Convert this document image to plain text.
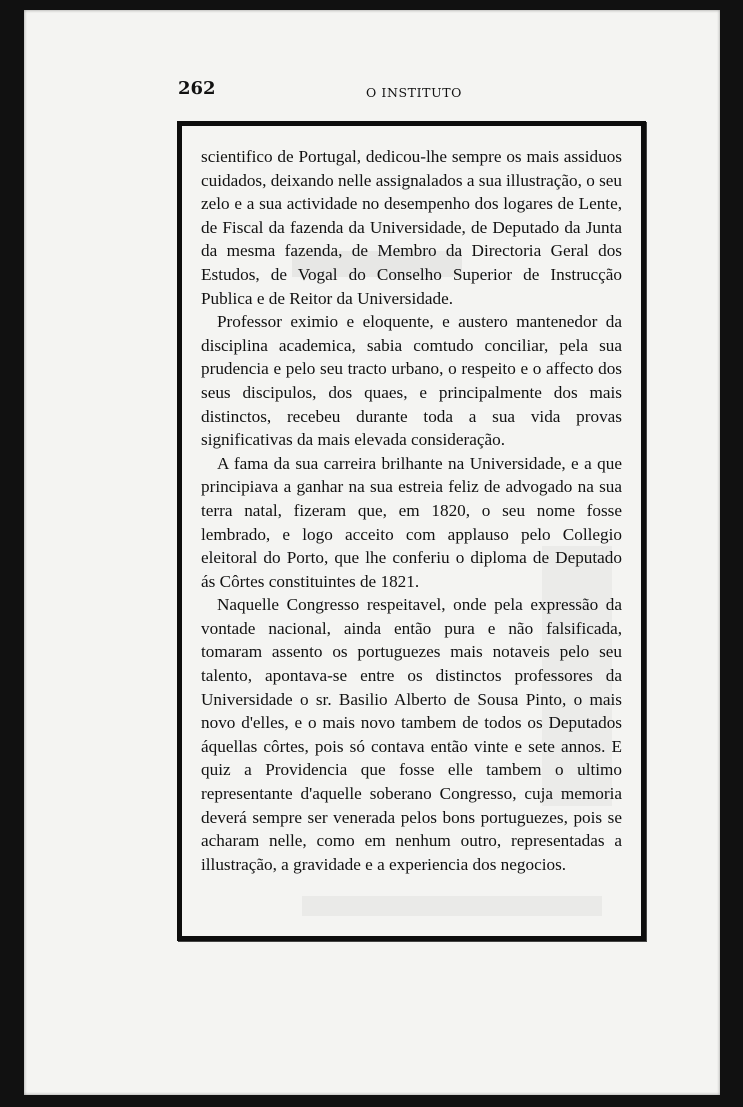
262	O INSTITUTO

scientifico de Portugal, dedicou-lhe sempre os mais assiduos cuidados, deixando nelle assignalados a sua illustração, o seu zelo e a sua actividade no desempenho dos logares de Lente, de Fiscal da fazenda da Universidade, de Deputado da Junta da mesma fazenda, de Membro da Directoria Geral dos Estudos, de Vogal do Conselho Superior de Instrucção Publica e de Reitor da Universidade.

Professor eximio e eloquente, e austero mantenedor da disciplina academica, sabia comtudo conciliar, pela sua prudencia e pelo seu tracto urbano, o respeito e o affecto dos seus discipulos, dos quaes, e principalmente dos mais distinctos, recebeu durante toda a sua vida provas significativas da mais elevada consideração.

A fama da sua carreira brilhante na Universidade, e a que principiava a ganhar na sua estreia feliz de advogado na sua terra natal, fizeram que, em 1820, o seu nome fosse lembrado, e logo acceito com applauso pelo Collegio eleitoral do Porto, que lhe conferiu o diploma de Deputado ás Côrtes constituintes de 1821.

Naquelle Congresso respeitavel, onde pela expressão da vontade nacional, ainda então pura e não falsificada, tomaram assento os portuguezes mais notaveis pelo seu talento, apontava-se entre os distinctos professores da Universidade o sr. Basilio Alberto de Sousa Pinto, o mais novo d'elles, e o mais novo tambem de todos os Deputados áquellas côrtes, pois só contava então vinte e sete annos. E quiz a Providencia que fosse elle tambem o ultimo representante d'aquelle soberano Congresso, cuja memoria deverá sempre ser venerada pelos bons portuguezes, pois se acharam nelle, como em nenhum outro, representadas a illustração, a gravidade e a experiencia dos negocios.
